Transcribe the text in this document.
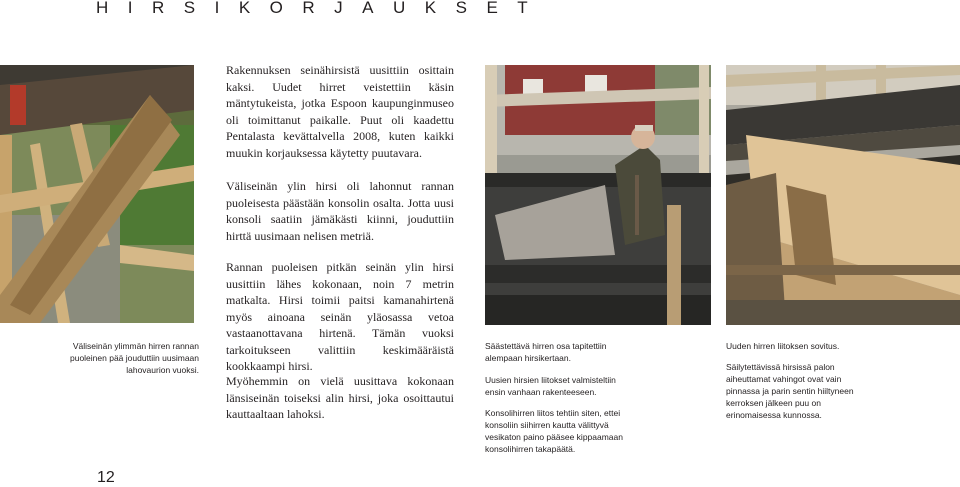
HIRSIKORJAUKSET

Rakennuksen seinähirsistä uusittiin osittain kaksi. Uudet hirret veistettiin käsin mäntytukeista, jotka Espoon kaupunginmuseo oli toimittanut paikalle. Puut oli kaadettu Pentalasta kevättalvella 2008, kuten kaikki muukin korjauksessa käytetty puutavara.

Väliseinän ylin hirsi oli lahonnut rannan puoleisesta päästään konsolin osalta. Jotta uusi konsoli saatiin jämäkästi kiinni, jouduttiin hirttä uusimaan nelisen metriä.

Rannan puoleisen pitkän seinän ylin hirsi uusittiin lähes kokonaan, noin 7 metrin matkalta. Hirsi toimii paitsi kamanahirtenä myös ainoana seinän yläosassa vetoa vastaanottavana hirtenä. Tämän vuoksi tarkoitukseen valittiin keskimääräistä kookkaampi hirsi.

Myöhemmin on vielä uusittava kokonaan länsiseinän toiseksi alin hirsi, joka osoittautui kauttaaltaan lahoksi.

Väliseinän ylimmän hirren rannan puoleinen pää jouduttiin uusimaan lahovaurion vuoksi.

Säästettävä hirren osa tapitettiin alempaan hirsikertaan.

Uusien hirsien liitokset valmisteltiin ensin vanhaan rakenteeseen.

Konsolihirren liitos tehtiin siten, ettei konsoliin siihirren kautta välittyvä vesikaton paino pääsee kippaamaan konsolihirren takapäätä.

Uuden hirren liitoksen sovitus.

Säilytettävissä hirsissä palon aiheuttamat vahingot ovat vain pinnassa ja parin sentin hiiltyneen kerroksen jälkeen puu on erinomaisessa kunnossa.

12
